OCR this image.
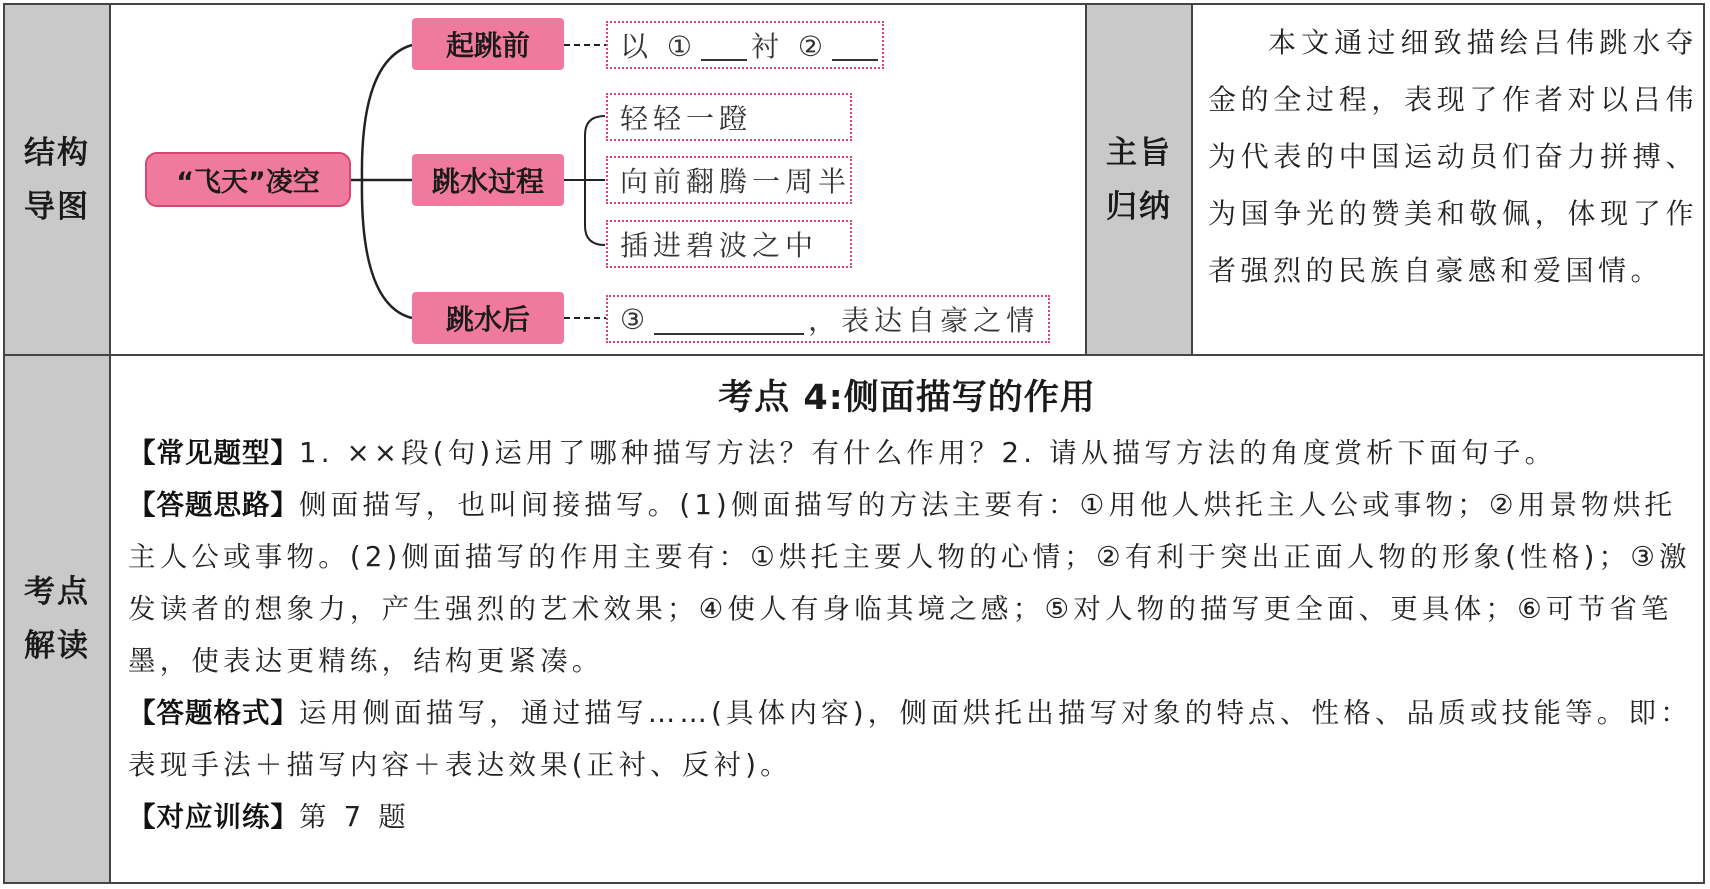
结构
导图
“飞天”凌空
起跳前
跳水过程
跳水后
以 ① 衬 ②
轻轻一蹬
向前翻腾一周半
插进碧波之中
③	，表达自豪之情
主旨
归纳
本文通过细致描绘吕伟跳水夺金的全过程，表现了作者对以吕伟为代表的中国运动员们奋力拼搏、为国争光的赞美和敬佩，体现了作者强烈的民族自豪感和爱国情。
考点
解读
考点 4:侧面描写的作用

【常见题型】1. ××段(句)运用了哪种描写方法？有什么作用？2. 请从描写方法的角度赏析下面句子。

【答题思路】侧面描写，也叫间接描写。(1)侧面描写的方法主要有：①用他人烘托主人公或事物；②用景物烘托主人公或事物。(2)侧面描写的作用主要有：①烘托主要人物的心情；②有利于突出正面人物的形象(性格)；③激发读者的想象力，产生强烈的艺术效果；④使人有身临其境之感；⑤对人物的描写更全面、更具体；⑥可节省笔墨，使表达更精练，结构更紧凑。

【答题格式】运用侧面描写，通过描写……(具体内容)，侧面烘托出描写对象的特点、性格、品质或技能等。即：表现手法＋描写内容＋表达效果(正衬、反衬)。

【对应训练】第 7 题
